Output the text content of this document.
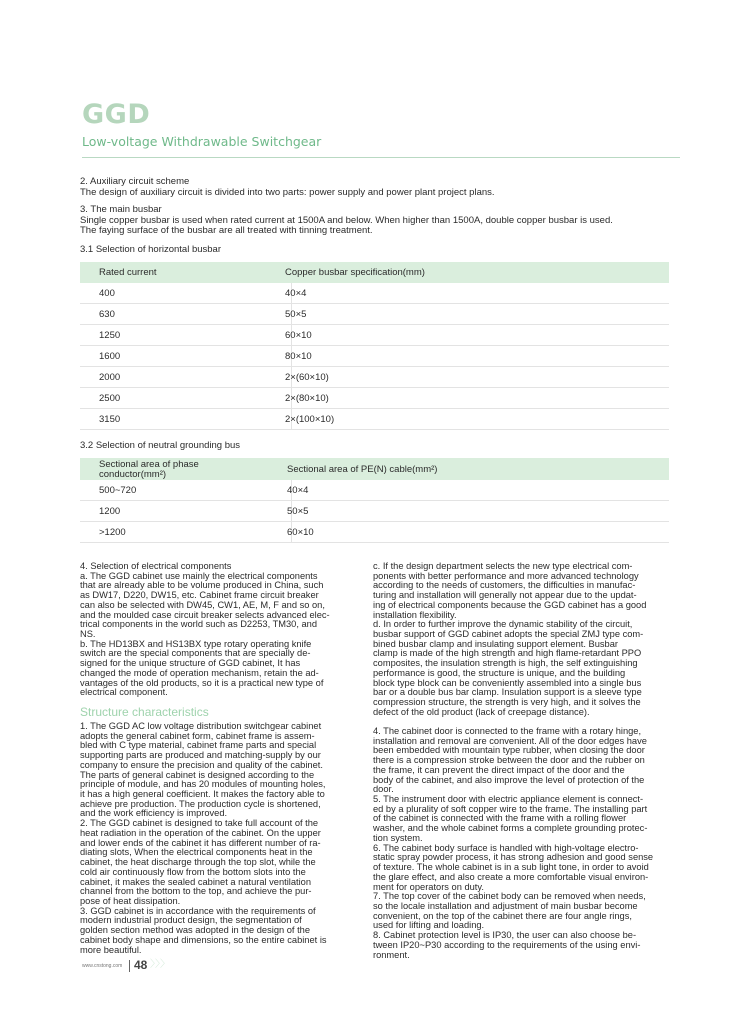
GGD
Low-voltage Withdrawable Switchgear

2. Auxiliary circuit scheme

The design of auxiliary circuit is divided into two parts: power supply and power plant project plans.

3. The main busbar

Single copper busbar is used when rated current at 1500A and below. When higher than 1500A, double copper busbar is used.

The faying surface of the busbar are all treated with tinning treatment.

3.1 Selection of horizontal busbar
Rated current	Copper busbar specification(mm)
400	40×4
630	50×5
1250	60×10
1600	80×10
2000	2×(60×10)
2500	2×(80×10)
3150	2×(100×10)
3.2 Selection of neutral grounding bus
Sectional area of phase
conductor(mm²)	Sectional area of PE(N) cable(mm²)
500~720	40×4
1200	50×5
>1200	60×10

4. Selection of electrical components

a. The GGD cabinet use mainly the electrical components

that are already able to be volume produced in China, such

as DW17, D220, DW15, etc. Cabinet frame circuit breaker

can also be selected with DW45, CW1, AE, M, F and so on,

and the moulded case circuit breaker selects advanced elec-

trical components in the world such as D2253, TM30, and

NS.

b. The HD13BX and HS13BX type rotary operating knife

switch are the special components that are specially de-

signed for the unique structure of GGD cabinet, It has

changed the mode of operation mechanism, retain the ad-

vantages of the old products, so it is a practical new type of

electrical component.

Structure characteristics

1. The GGD AC low voltage distribution switchgear cabinet

adopts the general cabinet form, cabinet frame is assem-

bled with C type material, cabinet frame parts and special

supporting parts are produced and matching-supply by our

company to ensure the precision and quality of the cabinet.

The parts of general cabinet is designed according to the

principle of module, and has 20 modules of mounting holes,

it has a high general coefficient. It makes the factory able to

achieve pre production. The production cycle is shortened,

and the work efficiency is improved.

2. The GGD cabinet is designed to take full account of the

heat radiation in the operation of the cabinet. On the upper

and lower ends of the cabinet it has different number of ra-

diating slots, When the electrical components heat in the

cabinet, the heat discharge through the top slot, while the

cold air continuously flow from the bottom slots into the

cabinet, it makes the sealed cabinet a natural ventilation

channel from the bottom to the top, and achieve the pur-

pose of heat dissipation.

3. GGD cabinet is in accordance with the requirements of

modern industrial product design, the segmentation of

golden section method was adopted in the design of the

cabinet body shape and dimensions, so the entire cabinet is

more beautiful.

c. If the design department selects the new type electrical com-

ponents with better performance and more advanced technology

according to the needs of customers, the difficulties in manufac-

turing and installation will generally not appear due to the updat-

ing of electrical components because the GGD cabinet has a good

installation flexibility.

d. In order to further improve the dynamic stability of the circuit,

busbar support of GGD cabinet adopts the special ZMJ type com-

bined busbar clamp and insulating support element. Busbar

clamp is made of the high strength and high flame-retardant PPO

composites, the insulation strength is high, the self extinguishing

performance is good, the structure is unique, and the building

block type block can be conveniently assembled into a single bus

bar or a double bus bar clamp. Insulation support is a sleeve type

compression structure, the strength is very high, and it solves the

defect of the old product (lack of creepage distance).

4. The cabinet door is connected to the frame with a rotary hinge,

installation and removal are convenient. All of the door edges have

been embedded with mountain type rubber, when closing the door

there is a compression stroke between the door and the rubber on

the frame, it can prevent the direct impact of the door and the

body of the cabinet, and also improve the level of protection of the

door.

5. The instrument door with electric appliance element is connect-

ed by a plurality of soft copper wire to the frame. The installing part

of the cabinet is connected with the frame with a rolling flower

washer, and the whole cabinet forms a complete grounding protec-

tion system.

6. The cabinet body surface is handled with high-voltage electro-

static spray powder process, it has strong adhesion and good sense

of texture. The whole cabinet is in a sub light tone, in order to avoid

the glare effect, and also create a more comfortable visual environ-

ment for operators on duty.

7. The top cover of the cabinet body can be removed when needs,

so the locale installation and adjustment of main busbar become

convenient, on the top of the cabinet there are four angle rings,

used for lifting and loading.

8. Cabinet protection level is IP30, the user can also choose be-

tween IP20~P30 according to the requirements of the using envi-

ronment.

www.cnstong.com 48 〉〉〉
